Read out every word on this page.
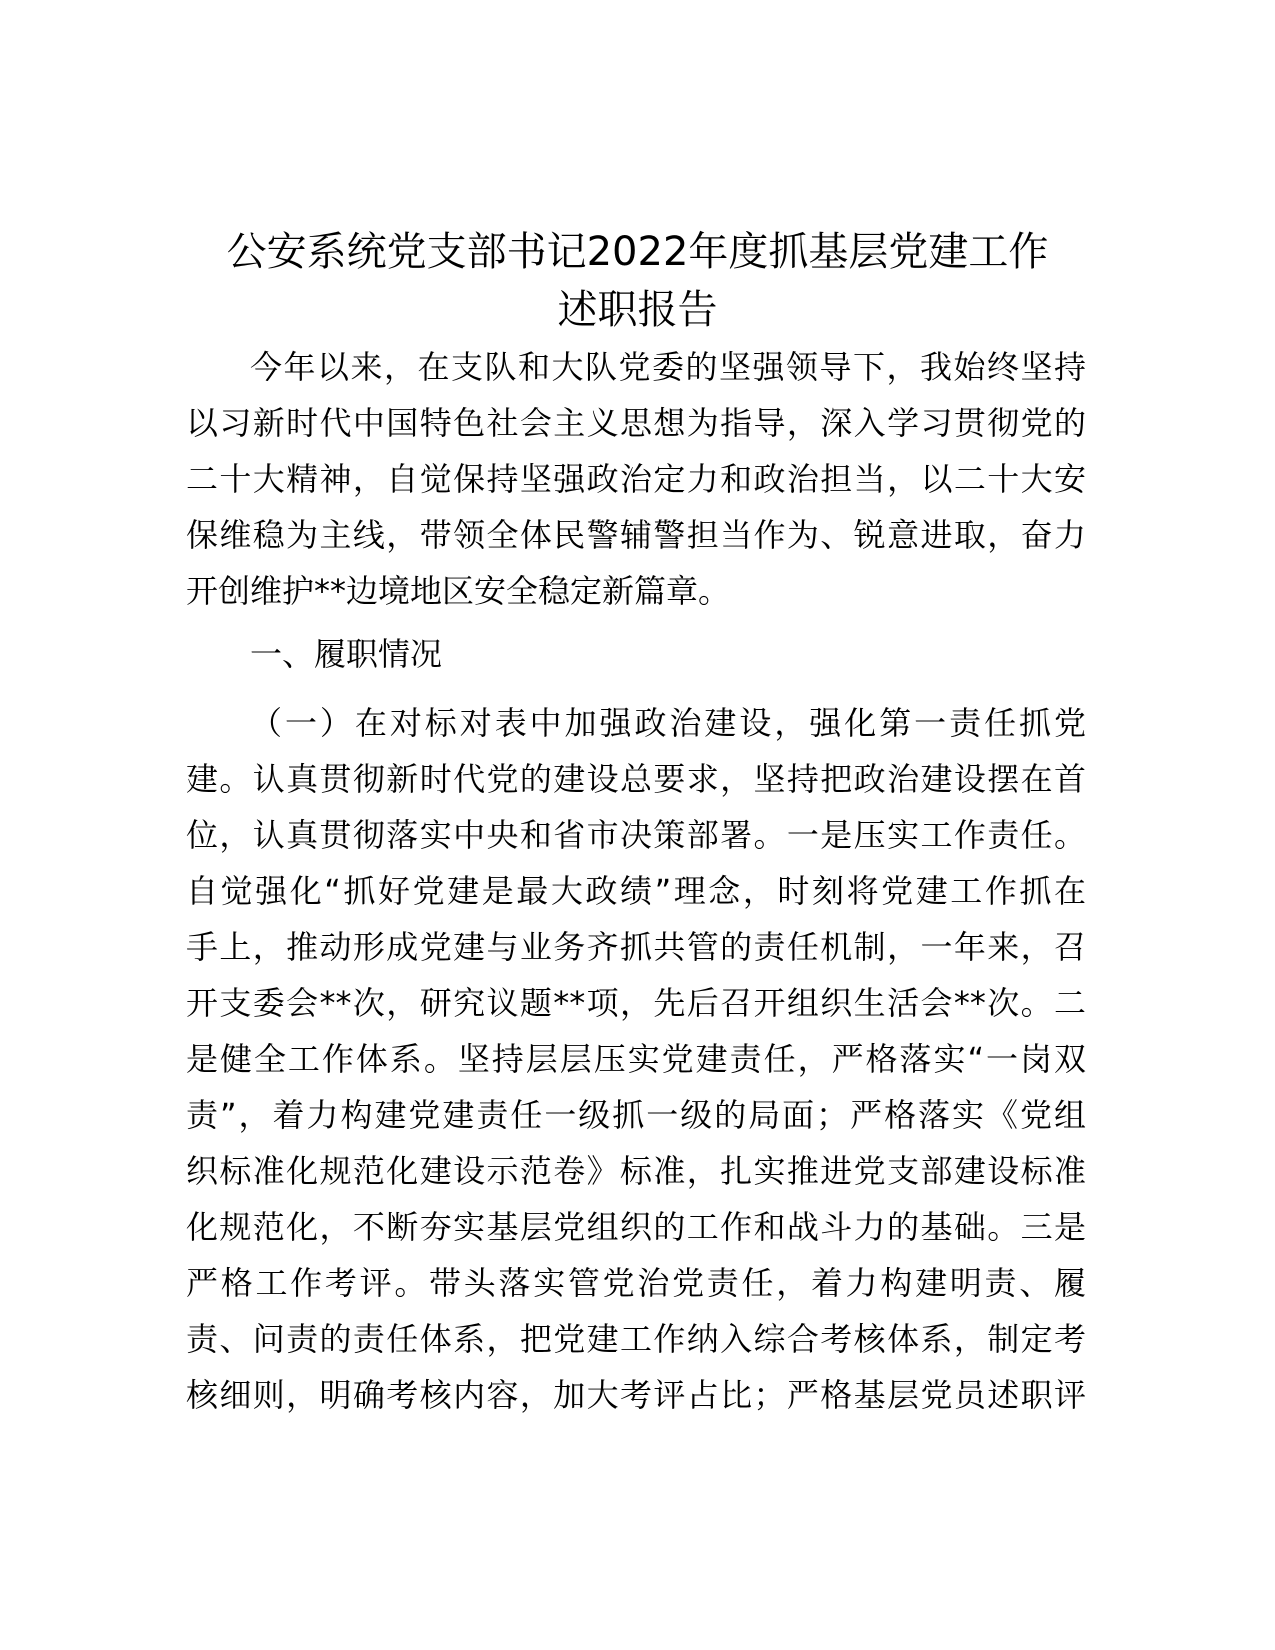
公安系统党支部书记2022年度抓基层党建工作
述职报告

今年以来，在支队和大队党委的坚强领导下，我始终坚持

以习新时代中国特色社会主义思想为指导，深入学习贯彻党的

二十大精神，自觉保持坚强政治定力和政治担当，以二十大安

保维稳为主线，带领全体民警辅警担当作为、锐意进取，奋力

开创维护**边境地区安全稳定新篇章。

一、履职情况

（一）在对标对表中加强政治建设，强化第一责任抓党

建。认真贯彻新时代党的建设总要求，坚持把政治建设摆在首

位，认真贯彻落实中央和省市决策部署。一是压实工作责任。

自觉强化“抓好党建是最大政绩”理念，时刻将党建工作抓在

手上，推动形成党建与业务齐抓共管的责任机制，一年来，召

开支委会**次，研究议题**项，先后召开组织生活会**次。二

是健全工作体系。坚持层层压实党建责任，严格落实“一岗双

责”，着力构建党建责任一级抓一级的局面；严格落实《党组

织标准化规范化建设示范卷》标准，扎实推进党支部建设标准

化规范化，不断夯实基层党组织的工作和战斗力的基础。三是

严格工作考评。带头落实管党治党责任，着力构建明责、履

责、问责的责任体系，把党建工作纳入综合考核体系，制定考

核细则，明确考核内容，加大考评占比；严格基层党员述职评
